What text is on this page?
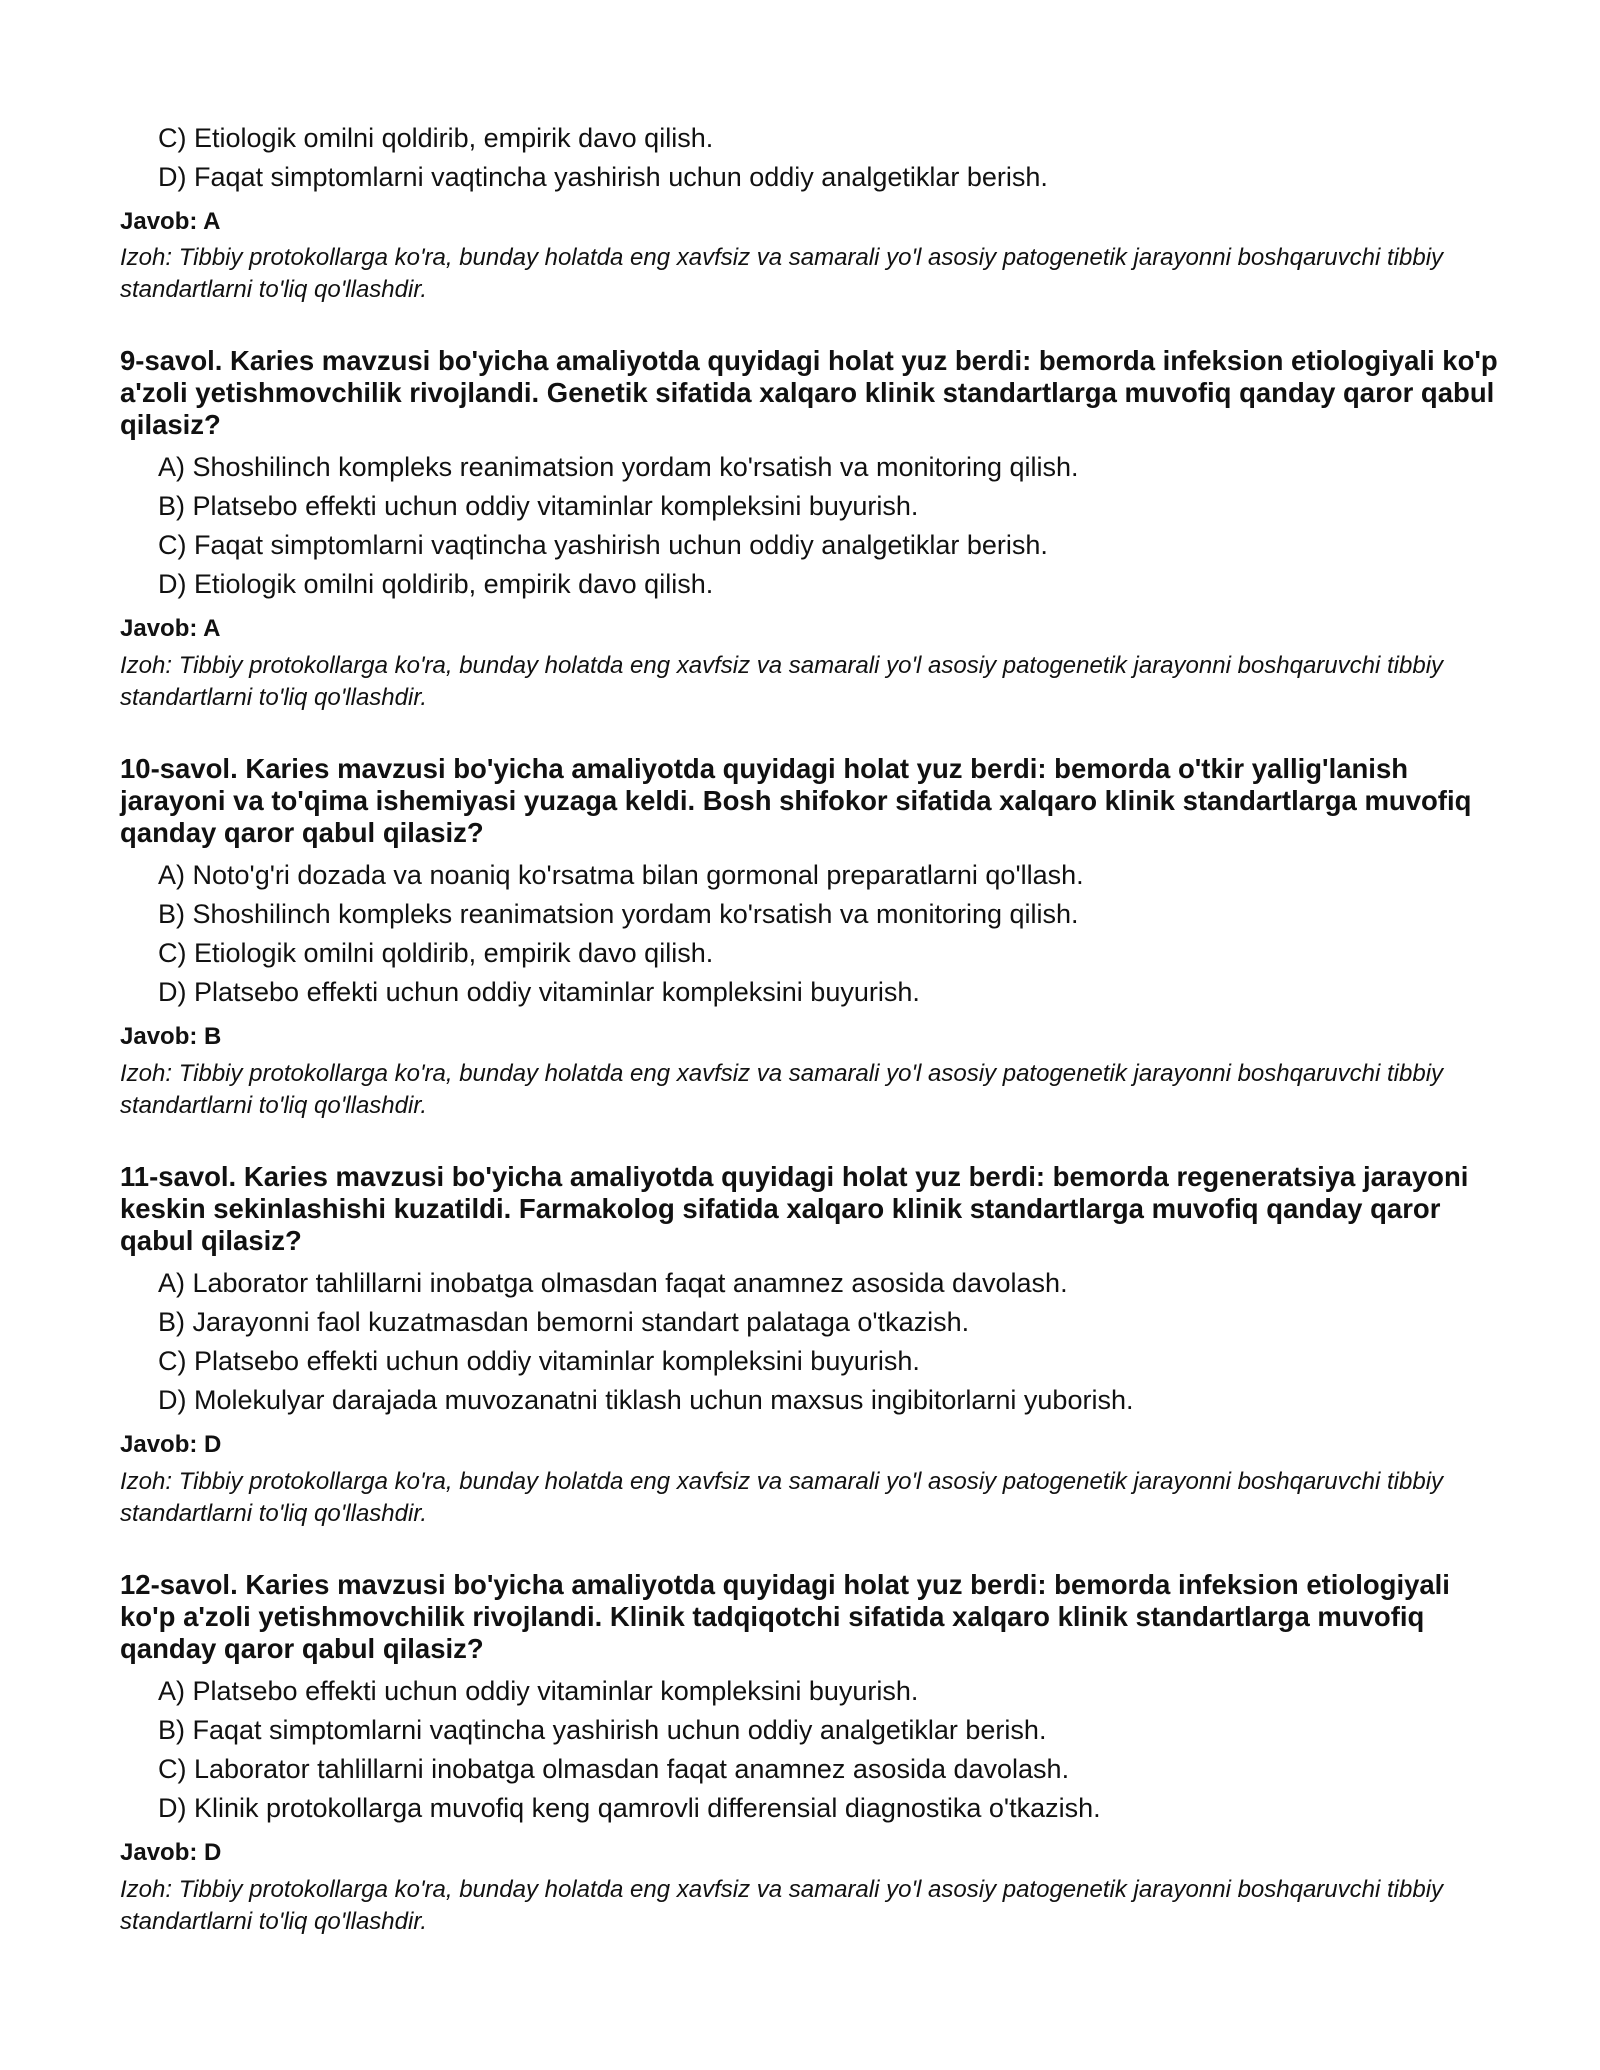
C) Etiologik omilni qoldirib, empirik davo qilish.
D) Faqat simptomlarni vaqtincha yashirish uchun oddiy analgetiklar berish.
Javob: A
Izoh: Tibbiy protokollarga ko'ra, bunday holatda eng xavfsiz va samarali yo'l asosiy patogenetik jarayonni boshqaruvchi tibbiy standartlarni to'liq qo'llashdir.
9-savol. Karies mavzusi bo'yicha amaliyotda quyidagi holat yuz berdi: bemorda infeksion etiologiyali ko'p a'zoli yetishmovchilik rivojlandi. Genetik sifatida xalqaro klinik standartlarga muvofiq qanday qaror qabul qilasiz?
A) Shoshilinch kompleks reanimatsion yordam ko'rsatish va monitoring qilish.
B) Platsebo effekti uchun oddiy vitaminlar kompleksini buyurish.
C) Faqat simptomlarni vaqtincha yashirish uchun oddiy analgetiklar berish.
D) Etiologik omilni qoldirib, empirik davo qilish.
Javob: A
Izoh: Tibbiy protokollarga ko'ra, bunday holatda eng xavfsiz va samarali yo'l asosiy patogenetik jarayonni boshqaruvchi tibbiy standartlarni to'liq qo'llashdir.
10-savol. Karies mavzusi bo'yicha amaliyotda quyidagi holat yuz berdi: bemorda o'tkir yallig'lanish jarayoni va to'qima ishemiyasi yuzaga keldi. Bosh shifokor sifatida xalqaro klinik standartlarga muvofiq qanday qaror qabul qilasiz?
A) Noto'g'ri dozada va noaniq ko'rsatma bilan gormonal preparatlarni qo'llash.
B) Shoshilinch kompleks reanimatsion yordam ko'rsatish va monitoring qilish.
C) Etiologik omilni qoldirib, empirik davo qilish.
D) Platsebo effekti uchun oddiy vitaminlar kompleksini buyurish.
Javob: B
Izoh: Tibbiy protokollarga ko'ra, bunday holatda eng xavfsiz va samarali yo'l asosiy patogenetik jarayonni boshqaruvchi tibbiy standartlarni to'liq qo'llashdir.
11-savol. Karies mavzusi bo'yicha amaliyotda quyidagi holat yuz berdi: bemorda regeneratsiya jarayoni keskin sekinlashishi kuzatildi. Farmakolog sifatida xalqaro klinik standartlarga muvofiq qanday qaror qabul qilasiz?
A) Laborator tahlillarni inobatga olmasdan faqat anamnez asosida davolash.
B) Jarayonni faol kuzatmasdan bemorni standart palataga o'tkazish.
C) Platsebo effekti uchun oddiy vitaminlar kompleksini buyurish.
D) Molekulyar darajada muvozanatni tiklash uchun maxsus ingibitorlarni yuborish.
Javob: D
Izoh: Tibbiy protokollarga ko'ra, bunday holatda eng xavfsiz va samarali yo'l asosiy patogenetik jarayonni boshqaruvchi tibbiy standartlarni to'liq qo'llashdir.
12-savol. Karies mavzusi bo'yicha amaliyotda quyidagi holat yuz berdi: bemorda infeksion etiologiyali ko'p a'zoli yetishmovchilik rivojlandi. Klinik tadqiqotchi sifatida xalqaro klinik standartlarga muvofiq qanday qaror qabul qilasiz?
A) Platsebo effekti uchun oddiy vitaminlar kompleksini buyurish.
B) Faqat simptomlarni vaqtincha yashirish uchun oddiy analgetiklar berish.
C) Laborator tahlillarni inobatga olmasdan faqat anamnez asosida davolash.
D) Klinik protokollarga muvofiq keng qamrovli differensial diagnostika o'tkazish.
Javob: D
Izoh: Tibbiy protokollarga ko'ra, bunday holatda eng xavfsiz va samarali yo'l asosiy patogenetik jarayonni boshqaruvchi tibbiy standartlarni to'liq qo'llashdir.
